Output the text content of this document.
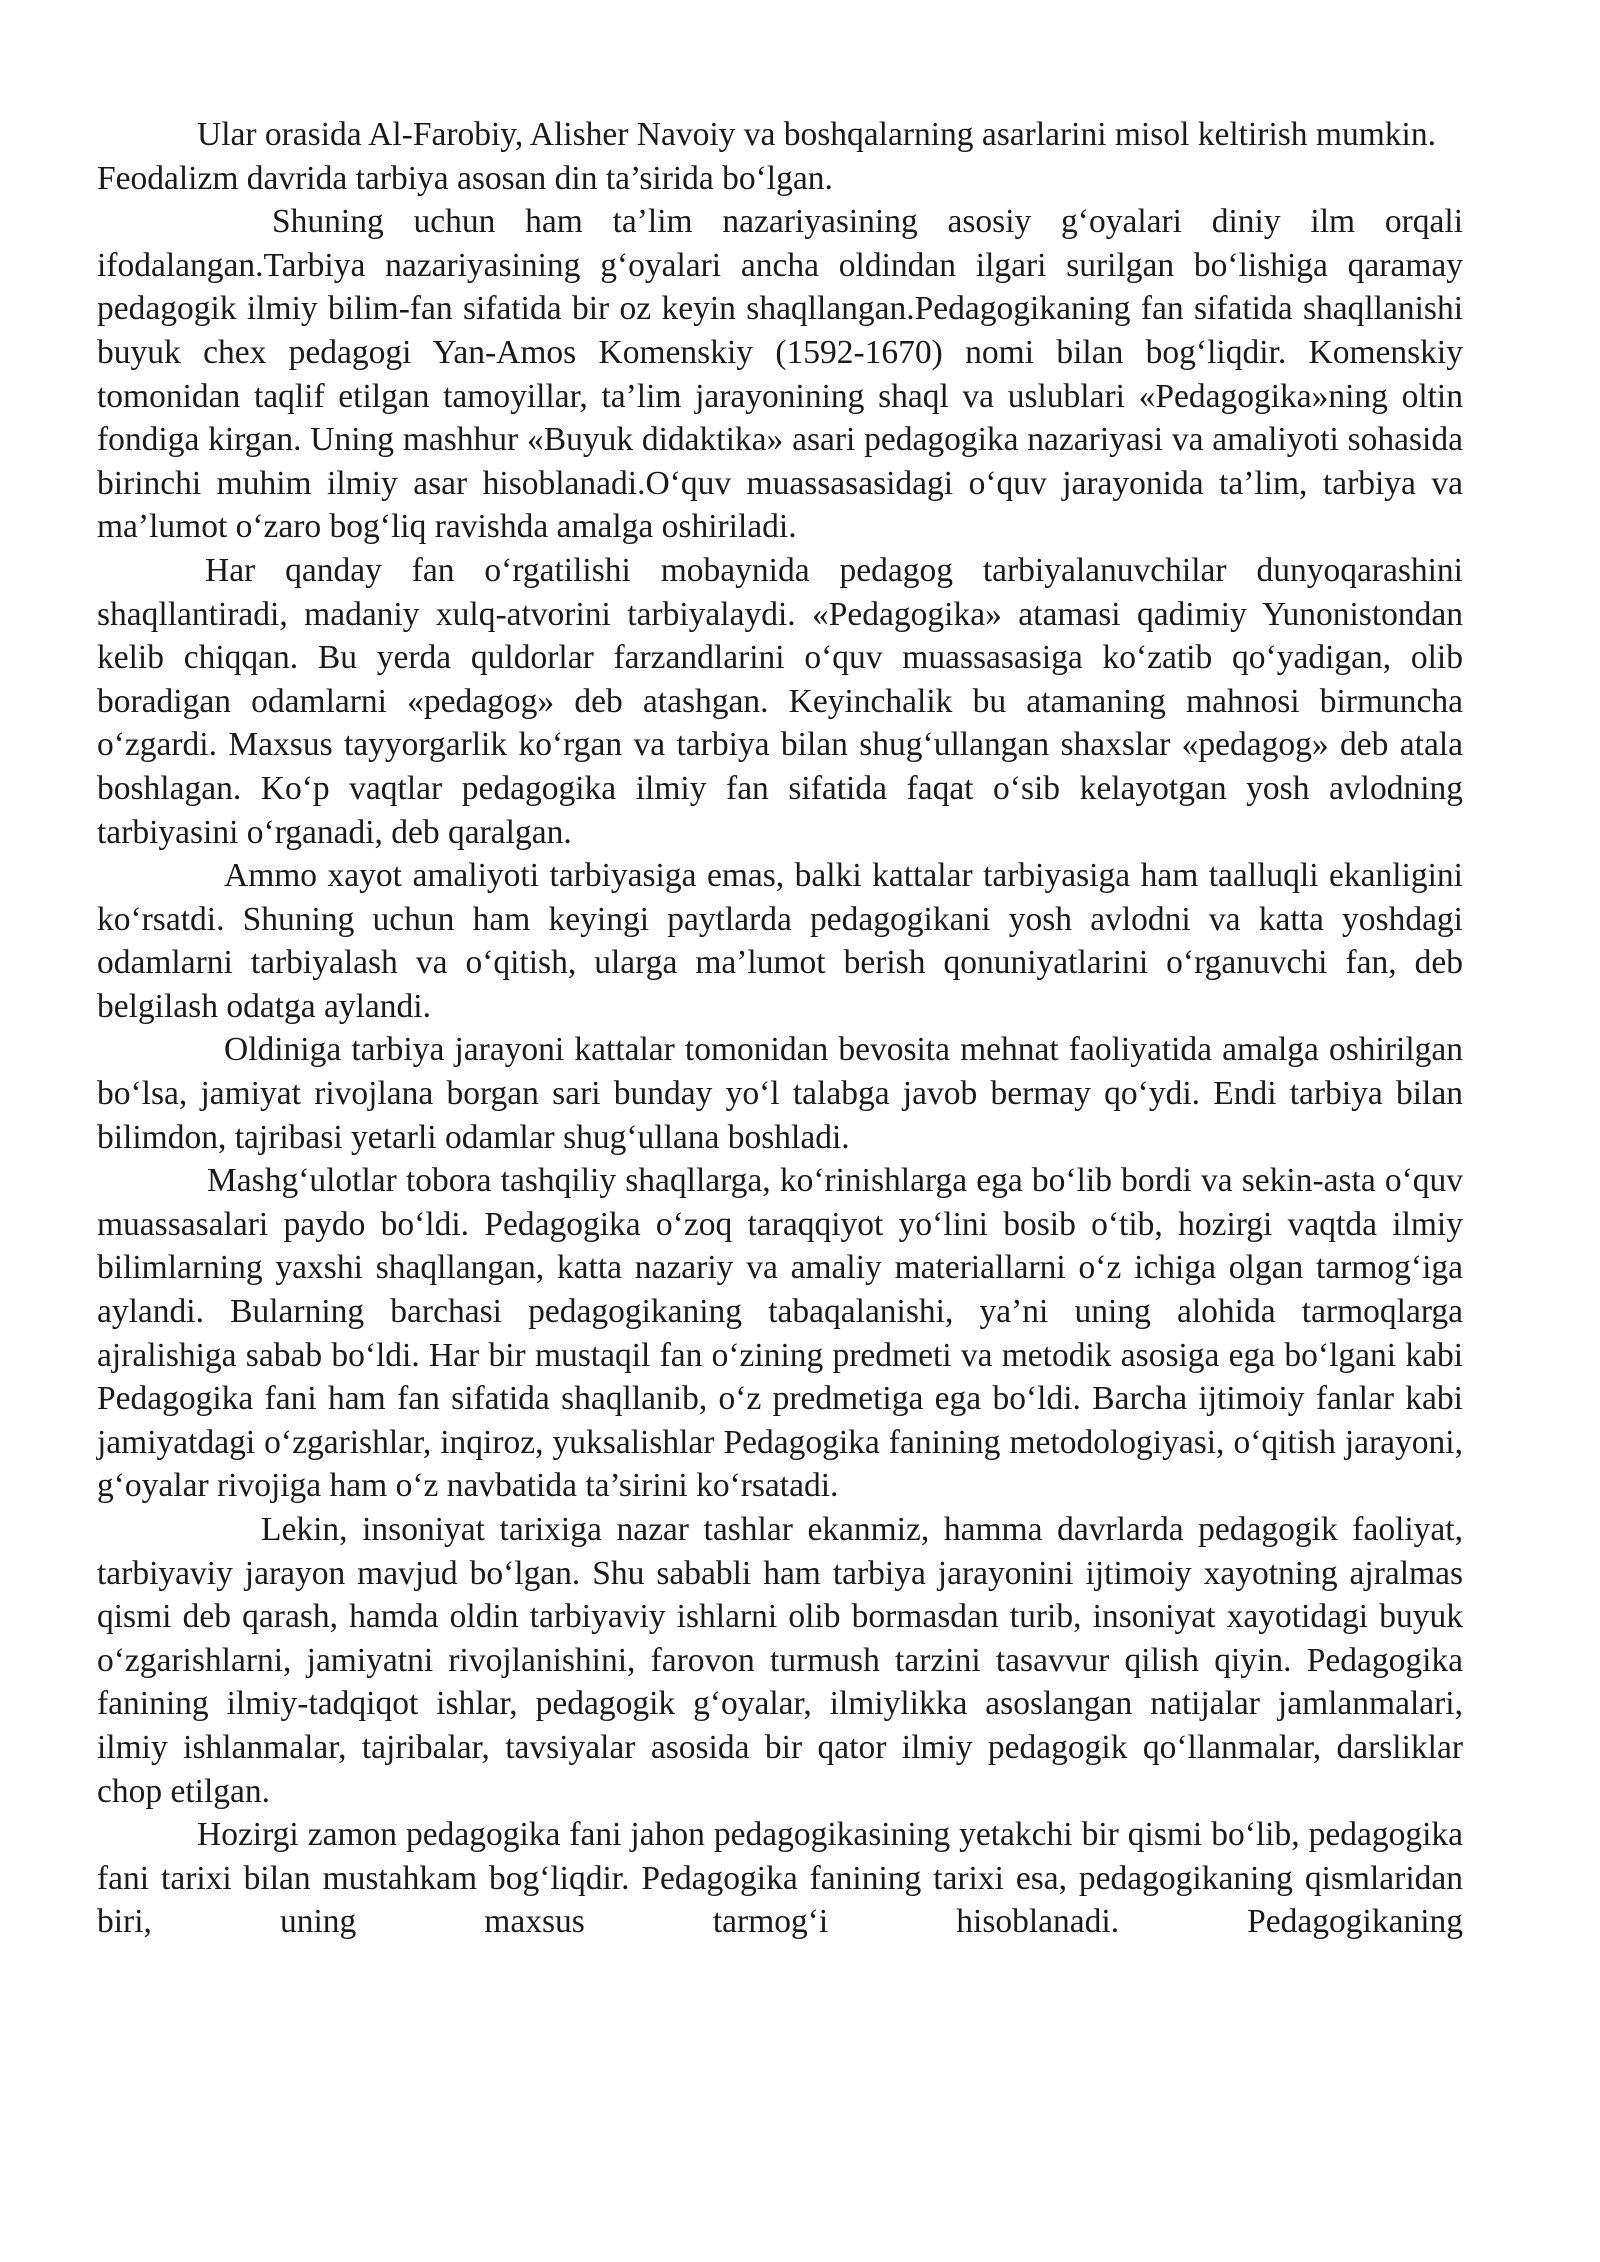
Ular orasida Al-Farobiy, Alisher Navoiy va boshqalarning asarlarini misol keltirish mumkin.

Feodalizm davrida tarbiya asosan din ta’sirida bo‘lgan.

Shuning uchun ham ta’lim nazariyasining asosiy g‘oyalari diniy ilm orqali ifodalangan.Tarbiya nazariyasining g‘oyalari ancha oldindan ilgari surilgan bo‘lishiga qaramay pedagogik ilmiy bilim-fan sifatida bir oz keyin shaqllangan.Pedagogikaning fan sifatida shaqllanishi buyuk chex pedagogi Yan-Amos Komenskiy (1592-1670) nomi bilan bog‘liqdir. Komenskiy tomonidan taqlif etilgan tamoyillar, ta’lim jarayonining shaql va uslublari «Pedagogika»ning oltin fondiga kirgan. Uning mashhur «Buyuk didaktika» asari pedagogika nazariyasi va amaliyoti sohasida birinchi muhim ilmiy asar hisoblanadi.O‘quv muassasasidagi o‘quv jarayonida ta’lim, tarbiya va ma’lumot o‘zaro bog‘liq ravishda amalga oshiriladi.

Har qanday fan o‘rgatilishi mobaynida pedagog tarbiyalanuvchilar dunyoqarashini shaqllantiradi, madaniy xulq-atvorini tarbiyalaydi. «Pedagogika» atamasi qadimiy Yunonistondan kelib chiqqan. Bu yerda quldorlar farzandlarini o‘quv muassasasiga ko‘zatib qo‘yadigan, olib boradigan odamlarni «pedagog» deb atashgan. Keyinchalik bu atamaning mahnosi birmuncha o‘zgardi. Maxsus tayyorgarlik ko‘rgan va tarbiya bilan shug‘ullangan shaxslar «pedagog» deb atala boshlagan. Ko‘p vaqtlar pedagogika ilmiy fan sifatida faqat o‘sib kelayotgan yosh avlodning tarbiyasini o‘rganadi, deb qaralgan.

Ammo xayot amaliyoti tarbiyasiga emas, balki kattalar tarbiyasiga ham taalluqli ekanligini ko‘rsatdi. Shuning uchun ham keyingi paytlarda pedagogikani yosh avlodni va katta yoshdagi odamlarni tarbiyalash va o‘qitish, ularga ma’lumot berish qonuniyatlarini o‘rganuvchi fan, deb belgilash odatga aylandi.

Oldiniga tarbiya jarayoni kattalar tomonidan bevosita mehnat faoliyatida amalga oshirilgan bo‘lsa, jamiyat rivojlana borgan sari bunday yo‘l talabga javob bermay qo‘ydi. Endi tarbiya bilan bilimdon, tajribasi yetarli odamlar shug‘ullana boshladi.

Mashg‘ulotlar tobora tashqiliy shaqllarga, ko‘rinishlarga ega bo‘lib bordi va sekin-asta o‘quv muassasalari paydo bo‘ldi. Pedagogika o‘zoq taraqqiyot yo‘lini bosib o‘tib, hozirgi vaqtda ilmiy bilimlarning yaxshi shaqllangan, katta nazariy va amaliy materiallarni o‘z ichiga olgan tarmog‘iga aylandi. Bularning barchasi pedagogikaning tabaqalanishi, ya’ni uning alohida tarmoqlarga ajralishiga sabab bo‘ldi. Har bir mustaqil fan o‘zining predmeti va metodik asosiga ega bo‘lgani kabi Pedagogika fani ham fan sifatida shaqllanib, o‘z predmetiga ega bo‘ldi. Barcha ijtimoiy fanlar kabi jamiyatdagi o‘zgarishlar, inqiroz, yuksalishlar Pedagogika fanining metodologiyasi, o‘qitish jarayoni, g‘oyalar rivojiga ham o‘z navbatida ta’sirini ko‘rsatadi.

Lekin, insoniyat tarixiga nazar tashlar ekanmiz, hamma davrlarda pedagogik faoliyat, tarbiyaviy jarayon mavjud bo‘lgan. Shu sababli ham tarbiya jarayonini ijtimoiy xayotning ajralmas qismi deb qarash, hamda oldin tarbiyaviy ishlarni olib bormasdan turib, insoniyat xayotidagi buyuk o‘zgarishlarni, jamiyatni rivojlanishini, farovon turmush tarzini tasavvur qilish qiyin. Pedagogika fanining ilmiy-tadqiqot ishlar, pedagogik g‘oyalar, ilmiylikka asoslangan natijalar jamlanmalari, ilmiy ishlanmalar, tajribalar, tavsiyalar asosida bir qator ilmiy pedagogik qo‘llanmalar, darsliklar chop etilgan.

Hozirgi zamon pedagogika fani jahon pedagogikasining yetakchi bir qismi bo‘lib, pedagogika fani tarixi bilan mustahkam bog‘liqdir. Pedagogika fanining tarixi esa, pedagogikaning qismlaridan biri, uning maxsus tarmog‘i hisoblanadi. Pedagogikaning
